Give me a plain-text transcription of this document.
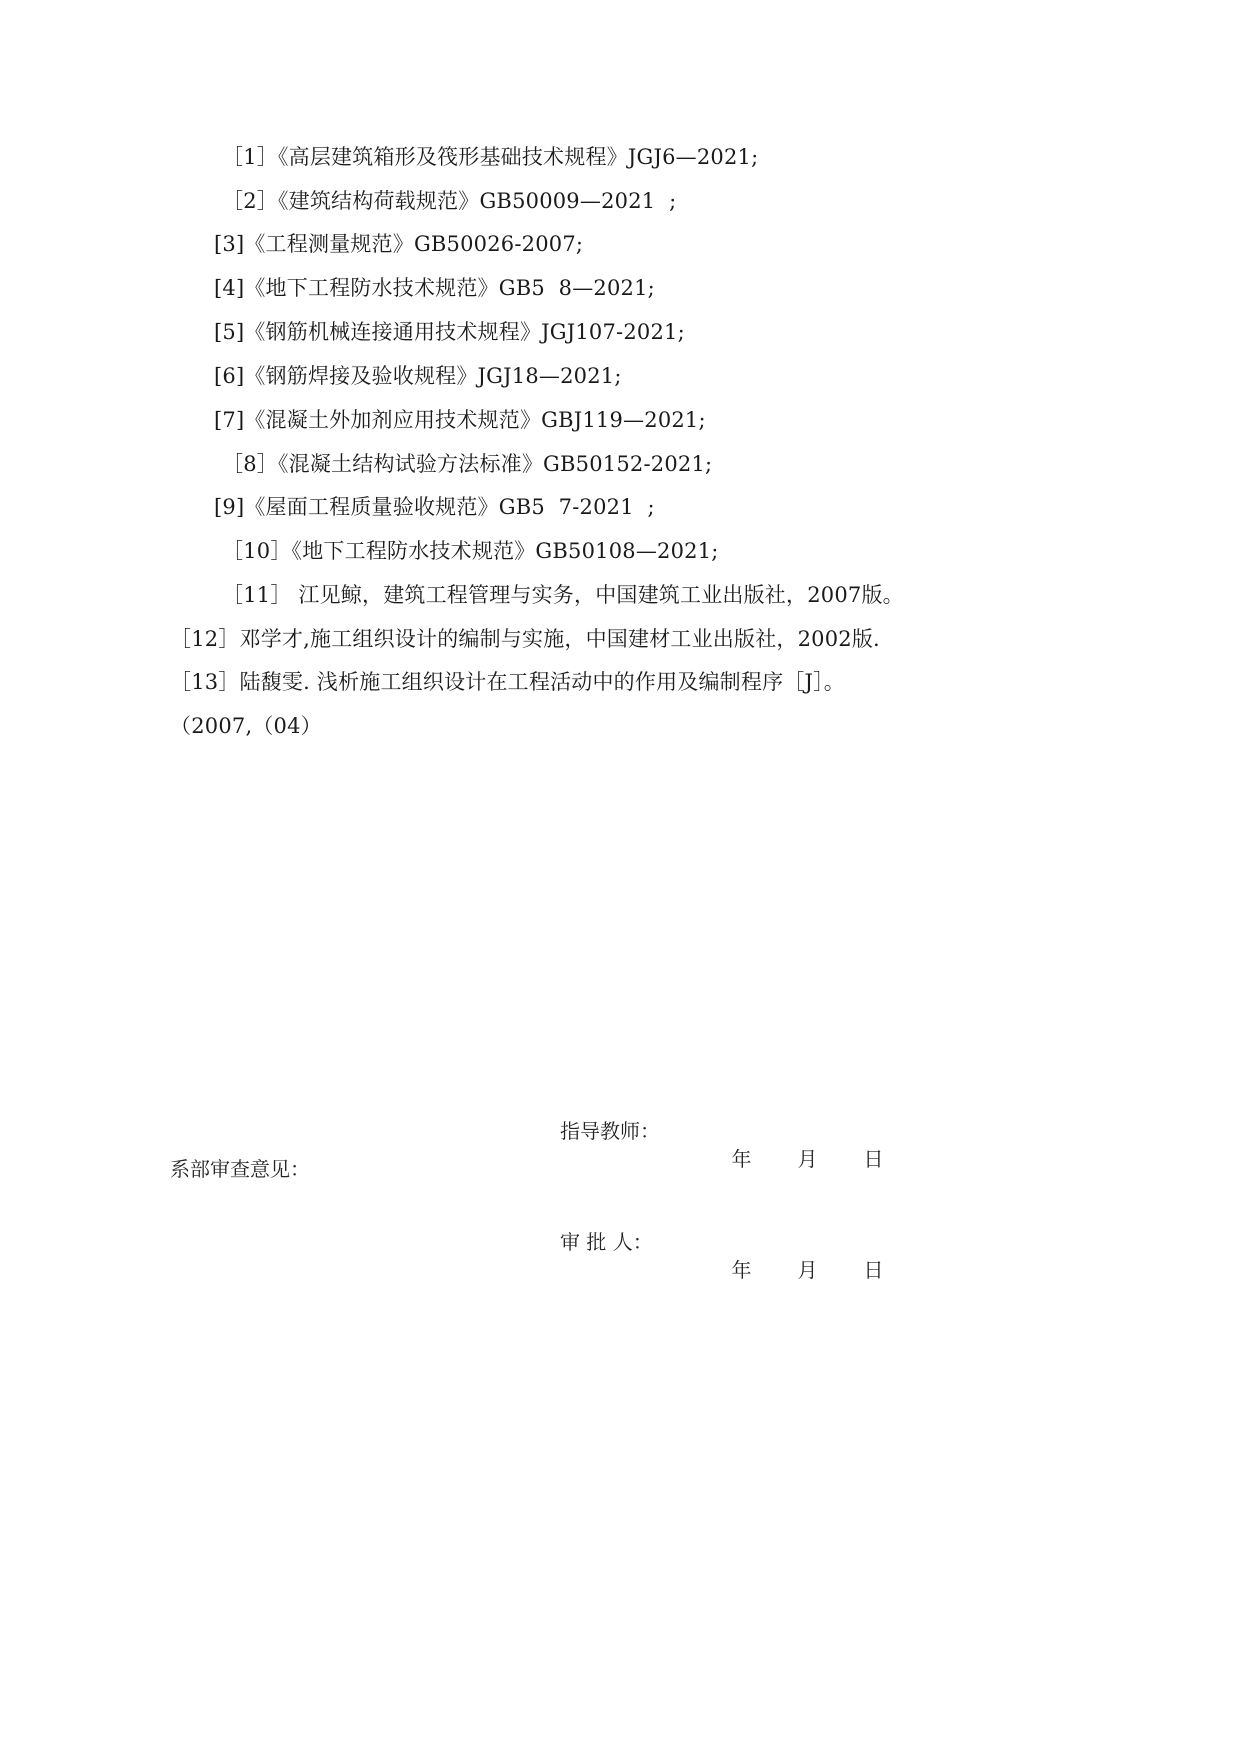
［1］《高层建筑箱形及筏形基础技术规程》JGJ6—2021;
［2］《建筑结构荷载规范》GB50009—2021  ;
[3]《工程测量规范》GB50026-2007;
[4]《地下工程防水技术规范》GB5  8—2021;
[5]《钢筋机械连接通用技术规程》JGJ107-2021;
[6]《钢筋焊接及验收规程》JGJ18—2021;
[7]《混凝土外加剂应用技术规范》GBJ119—2021;
［8］《混凝土结构试验方法标准》GB50152-2021;
[9]《屋面工程质量验收规范》GB5  7-2021  ;
［10］《地下工程防水技术规范》GB50108—2021;
［11］ 江见鲸，建筑工程管理与实务，中国建筑工业出版社，2007版。
［12］邓学才,施工组织设计的编制与实施，中国建材工业出版社，2002版.
［13］陆馥雯. 浅析施工组织设计在工程活动中的作用及编制程序［J］。
（2007,（04）
指导教师：

年 月 日

系部审查意见：
审 批 人：

年 月 日
